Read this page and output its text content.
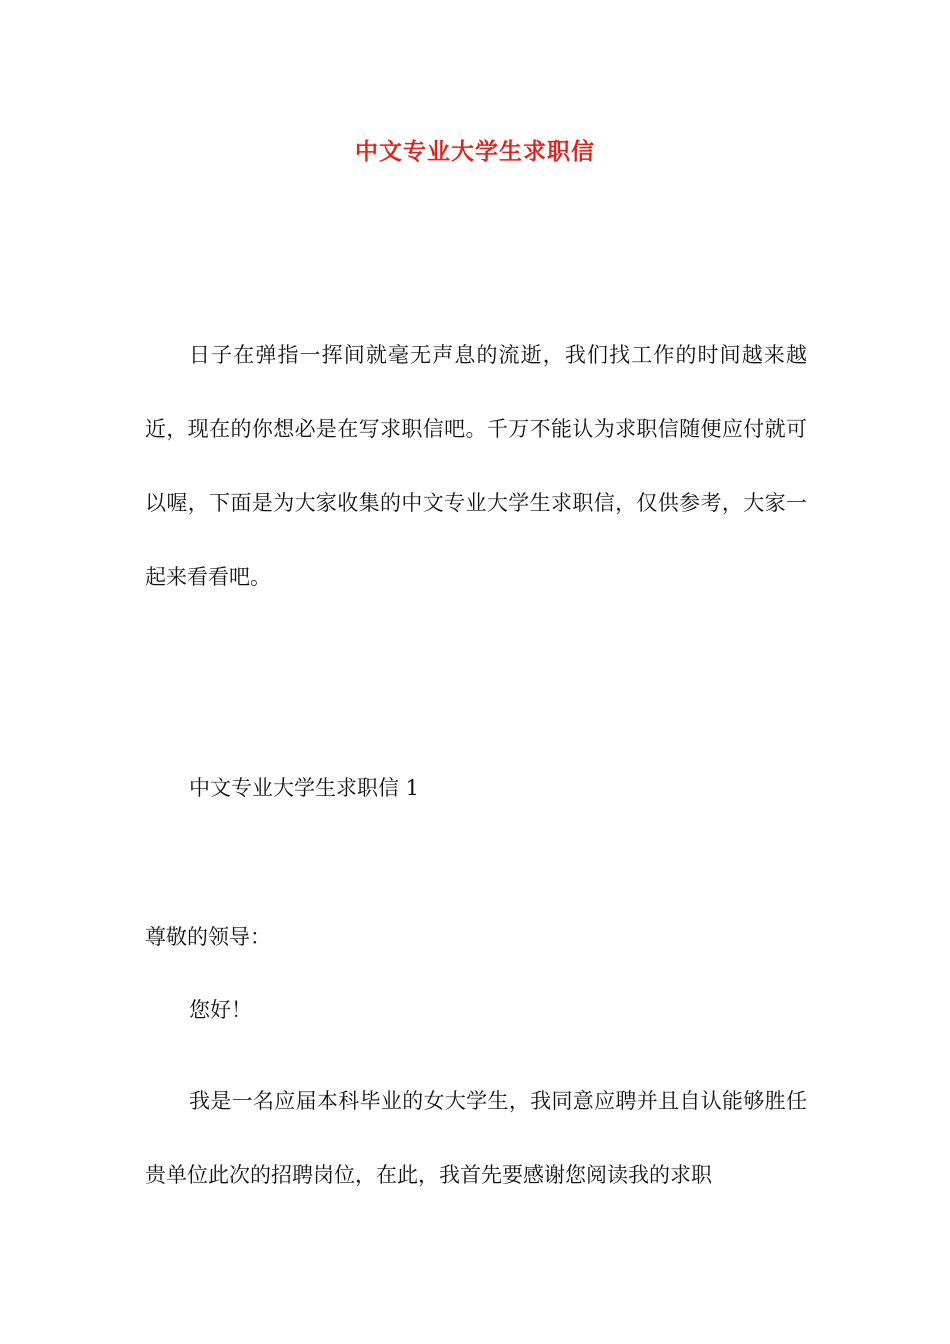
中文专业大学生求职信

日子在弹指一挥间就毫无声息的流逝，我们找工作的时间越来越近，现在的你想必是在写求职信吧。千万不能认为求职信随便应付就可以喔，下面是为大家收集的中文专业大学生求职信，仅供参考，大家一起来看看吧。

中文专业大学生求职信 1

尊敬的领导：

您好！

我是一名应届本科毕业的女大学生，我同意应聘并且自认能够胜任贵单位此次的招聘岗位，在此，我首先要感谢您阅读我的求职
